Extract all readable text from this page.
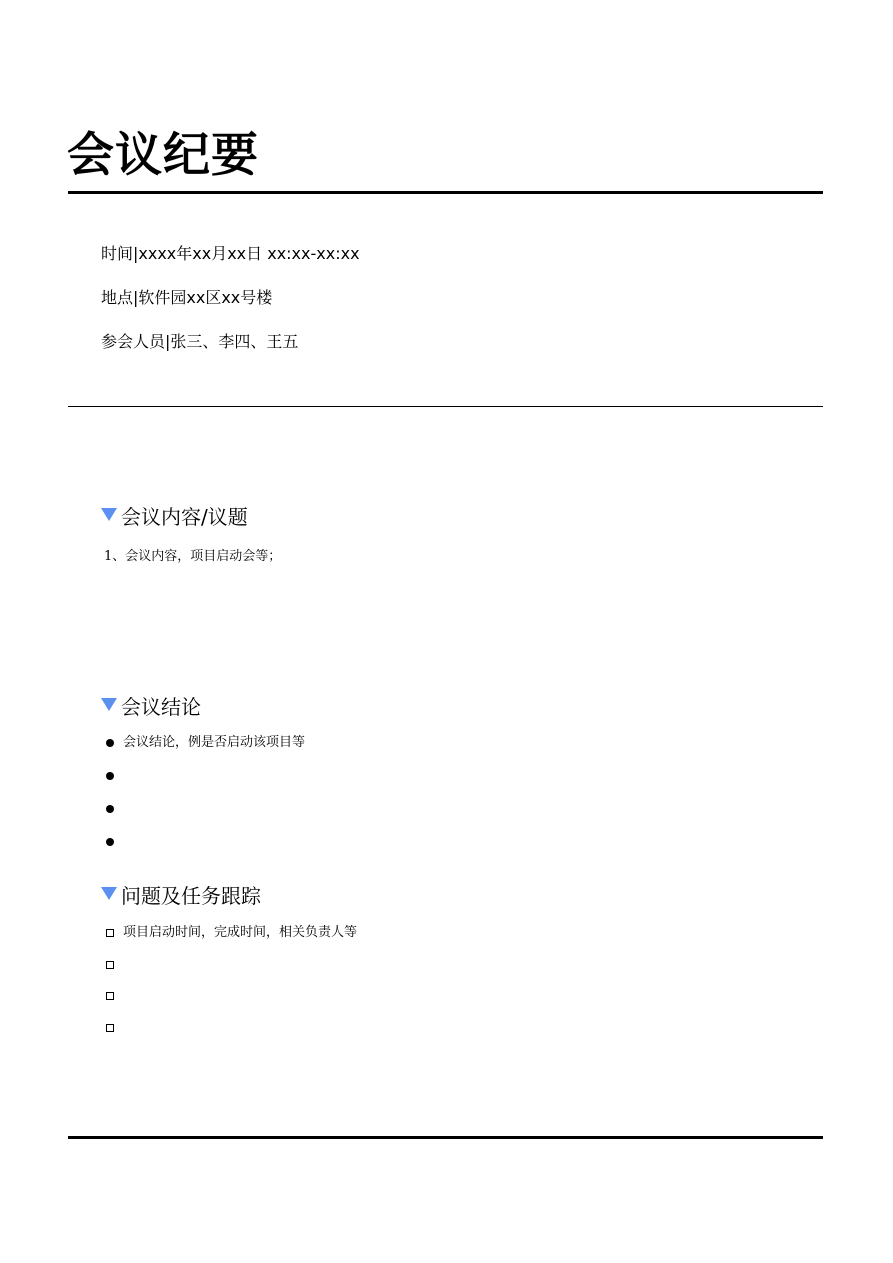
会议纪要
时间|xxxx年xx月xx日 xx:xx-xx:xx
地点|软件园xx区xx号楼
参会人员|张三、李四、王五
会议内容/议题
1、会议内容，项目启动会等；
会议结论
会议结论，例是否启动该项目等
问题及任务跟踪
项目启动时间，完成时间，相关负责人等
